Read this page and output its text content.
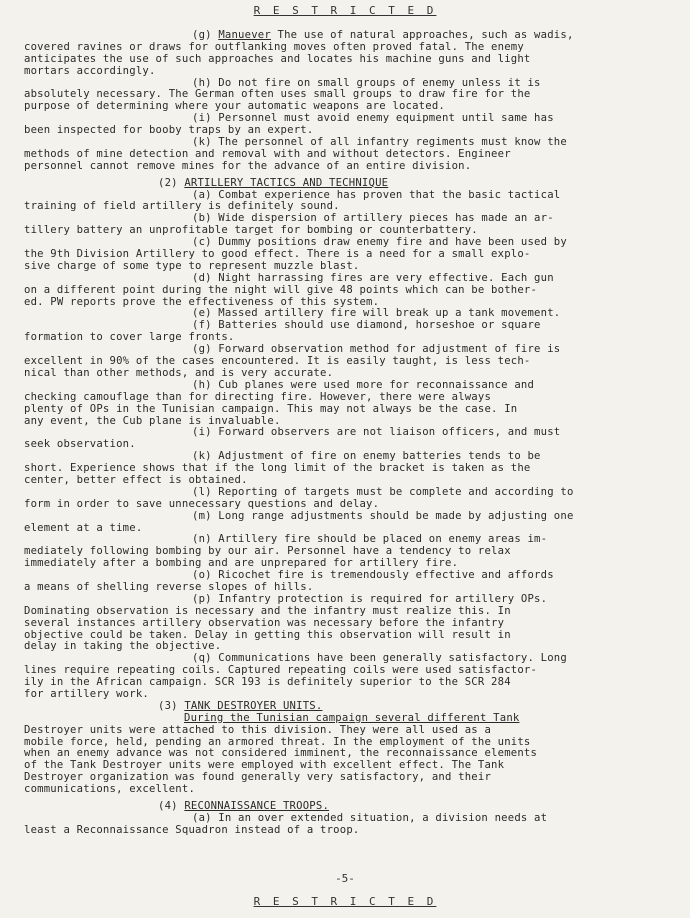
R E S T R I C T E D
(g) Manuever The use of natural approaches, such as wadis,
covered ravines or draws for outflanking moves often proved fatal. The enemy
anticipates the use of such approaches and locates his machine guns and light
mortars accordingly.
(h) Do not fire on small groups of enemy unless it is
absolutely necessary. The German often uses small groups to draw fire for the
purpose of determining where your automatic weapons are located.
(i) Personnel must avoid enemy equipment until same has
been inspected for booby traps by an expert.
(k) The personnel of all infantry regiments must know the
methods of mine detection and removal with and without detectors. Engineer
personnel cannot remove mines for the advance of an entire division.
(2) ARTILLERY TACTICS AND TECHNIQUE
(a) Combat experience has proven that the basic tactical
training of field artillery is definitely sound.
(b) Wide dispersion of artillery pieces has made an ar-
tillery battery an unprofitable target for bombing or counterbattery.
(c) Dummy positions draw enemy fire and have been used by
the 9th Division Artillery to good effect. There is a need for a small explo-
sive charge of some type to represent muzzle blast.
(d) Night harrassing fires are very effective. Each gun
on a different point during the night will give 48 points which can be bother-
ed. PW reports prove the effectiveness of this system.
(e) Massed artillery fire will break up a tank movement.
(f) Batteries should use diamond, horseshoe or square
formation to cover large fronts.
(g) Forward observation method for adjustment of fire is
excellent in 90% of the cases encountered. It is easily taught, is less tech-
nical than other methods, and is very accurate.
(h) Cub planes were used more for reconnaissance and
checking camouflage than for directing fire. However, there were always
plenty of OPs in the Tunisian campaign. This may not always be the case. In
any event, the Cub plane is invaluable.
(i) Forward observers are not liaison officers, and must
seek observation.
(k) Adjustment of fire on enemy batteries tends to be
short. Experience shows that if the long limit of the bracket is taken as the
center, better effect is obtained.
(l) Reporting of targets must be complete and according to
form in order to save unnecessary questions and delay.
(m) Long range adjustments should be made by adjusting one
element at a time.
(n) Artillery fire should be placed on enemy areas im-
mediately following bombing by our air. Personnel have a tendency to relax
immediately after a bombing and are unprepared for artillery fire.
(o) Ricochet fire is tremendously effective and affords
a means of shelling reverse slopes of hills.
(p) Infantry protection is required for artillery OPs.
Dominating observation is necessary and the infantry must realize this. In
several instances artillery observation was necessary before the infantry
objective could be taken. Delay in getting this observation will result in
delay in taking the objective.
(q) Communications have been generally satisfactory. Long
lines require repeating coils. Captured repeating coils were used satisfactor-
ily in the African campaign. SCR 193 is definitely superior to the SCR 284
for artillery work.
(3) TANK DESTROYER UNITS.
During the Tunisian campaign several different Tank
Destroyer units were attached to this division. They were all used as a
mobile force, held, pending an armored threat. In the employment of the units
when an enemy advance was not considered imminent, the reconnaissance elements
of the Tank Destroyer units were employed with excellent effect. The Tank
Destroyer organization was found generally very satisfactory, and their
communications, excellent.
(4) RECONNAISSANCE TROOPS.
(a) In an over extended situation, a division needs at
least a Reconnaissance Squadron instead of a troop.
-5-
R E S T R I C T E D
